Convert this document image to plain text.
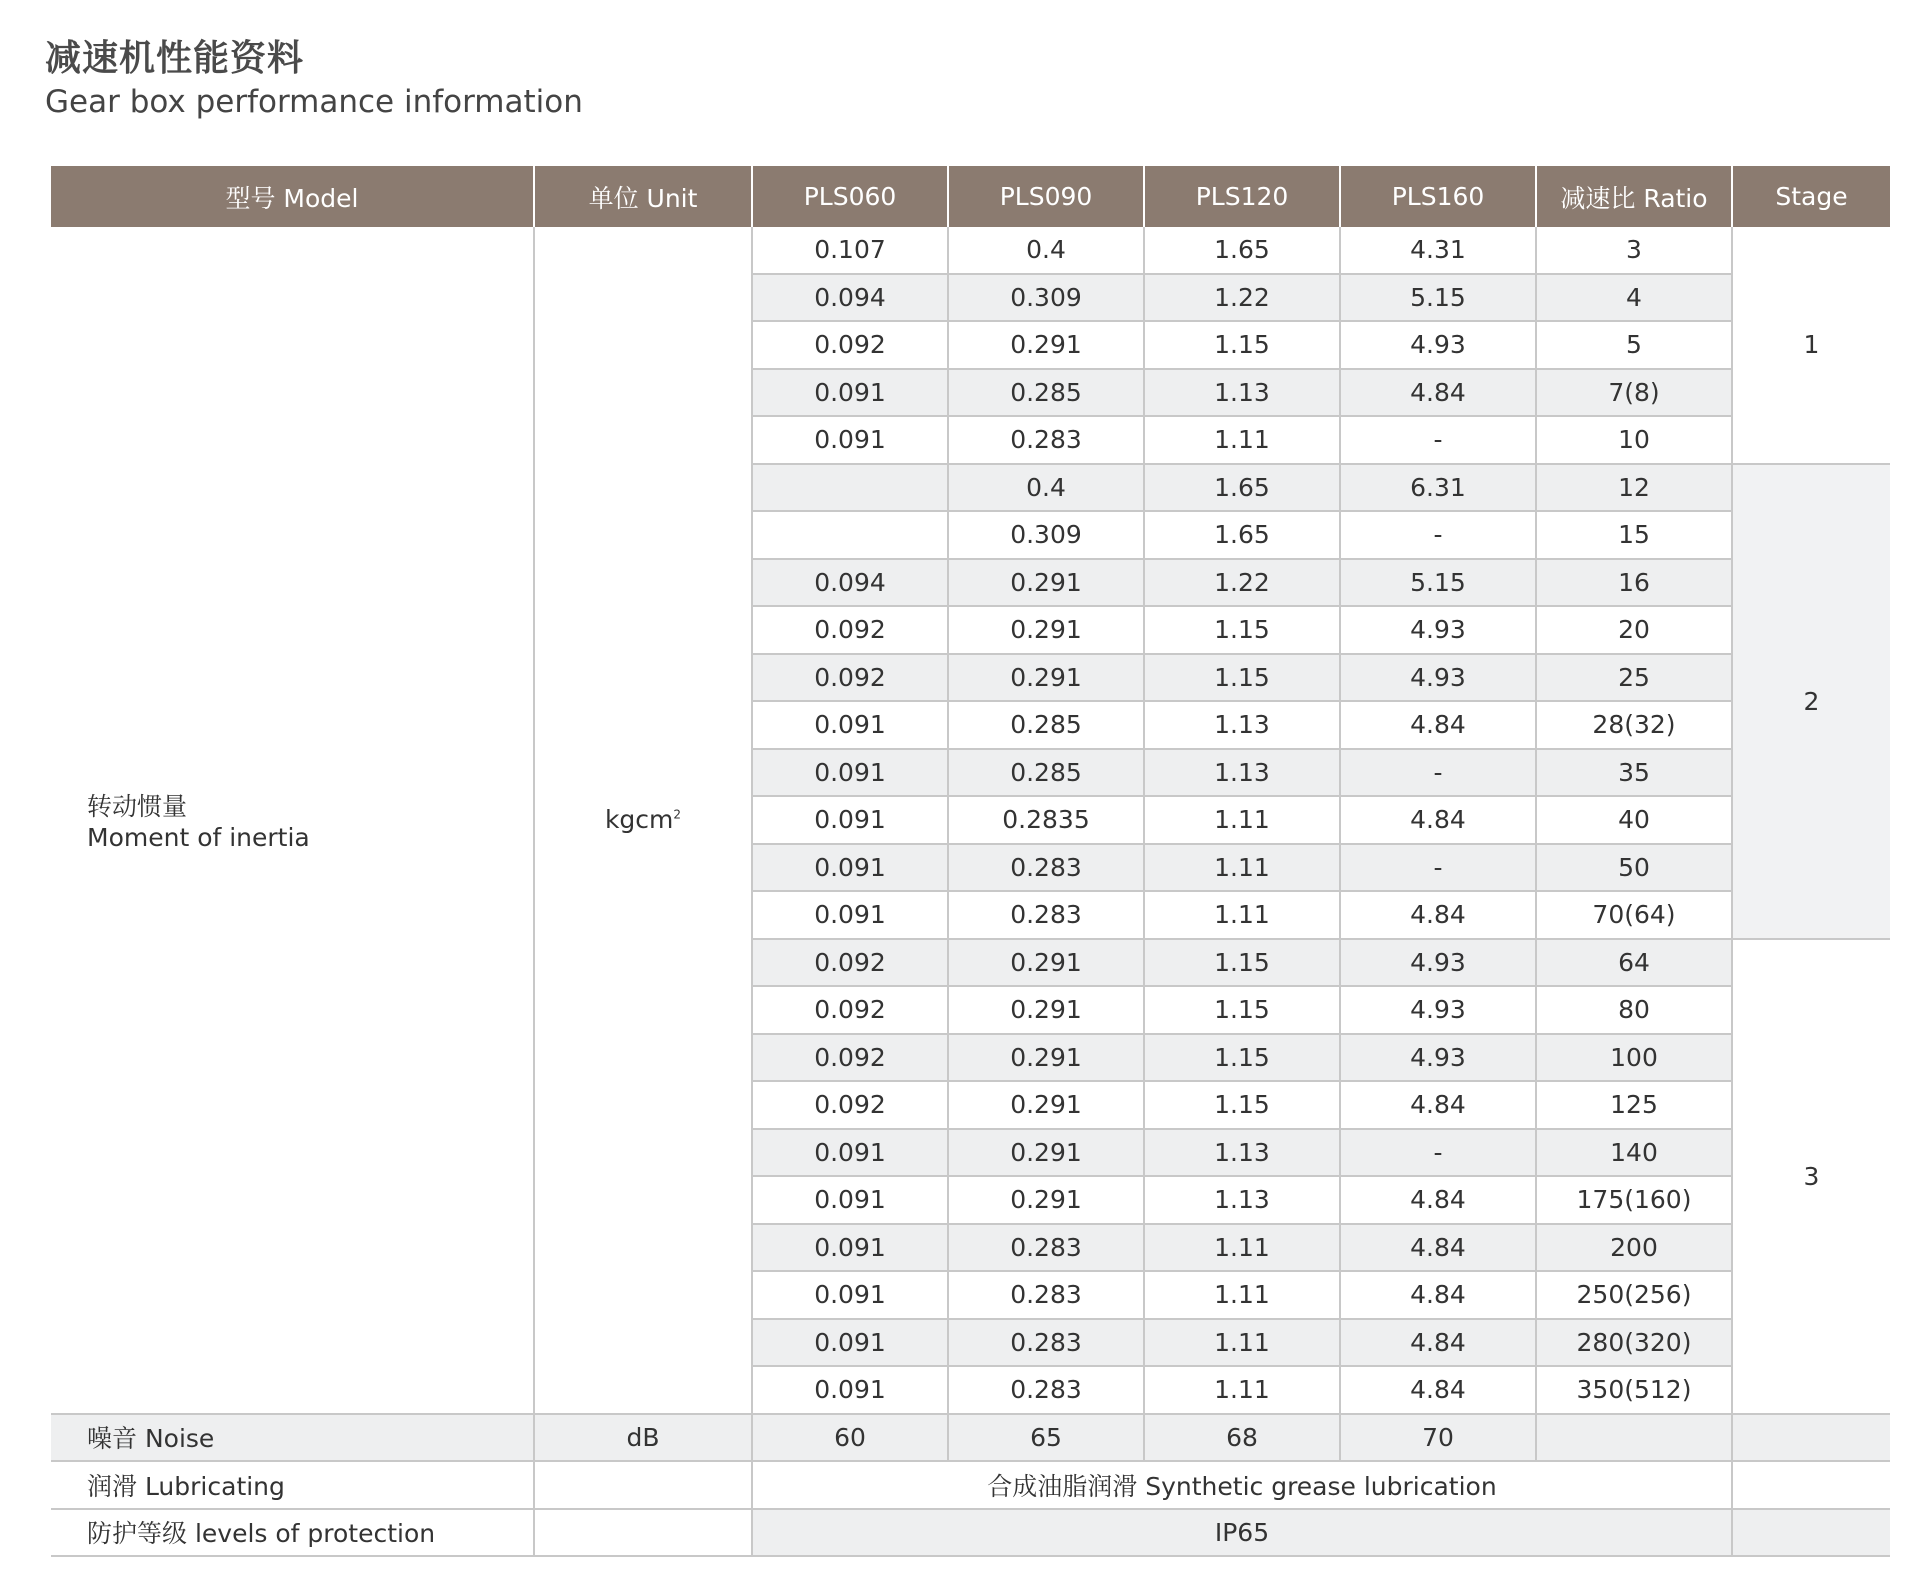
减速机性能资料
Gear box performance information
型号 Model	单位 Unit	PLS060	PLS090	PLS120	PLS160	减速比 Ratio	Stage

转动惯量
Moment of inertia	kgcm$^2$	0.107	0.4	1.65	4.31	3	1
		0.094	0.309	1.22	5.15	4	
		0.092	0.291	1.15	4.93	5	
		0.091	0.285	1.13	4.84	7(8)	
		0.091	0.283	1.11	-	10	
			0.4	1.65	6.31	12	2
			0.309	1.65	-	15	
		0.094	0.291	1.22	5.15	16	
		0.092	0.291	1.15	4.93	20	
		0.092	0.291	1.15	4.93	25	
		0.091	0.285	1.13	4.84	28(32)	
		0.091	0.285	1.13	-	35	
		0.091	0.2835	1.11	4.84	40	
		0.091	0.283	1.11	-	50	
		0.091	0.283	1.11	4.84	70(64)	
		0.092	0.291	1.15	4.93	64	3
		0.092	0.291	1.15	4.93	80	
		0.092	0.291	1.15	4.93	100	
		0.092	0.291	1.15	4.84	125	
		0.091	0.291	1.13	-	140	
		0.091	0.291	1.13	4.84	175(160)	
		0.091	0.283	1.11	4.84	200	
		0.091	0.283	1.11	4.84	250(256)	
		0.091	0.283	1.11	4.84	280(320)	
		0.091	0.283	1.11	4.84	350(512)	
噪音 Noise	dB	60	65	68	70		
润滑 Lubricating		合成油脂润滑 Synthetic grease lubrication					
防护等级 levels of protection		IP65					
